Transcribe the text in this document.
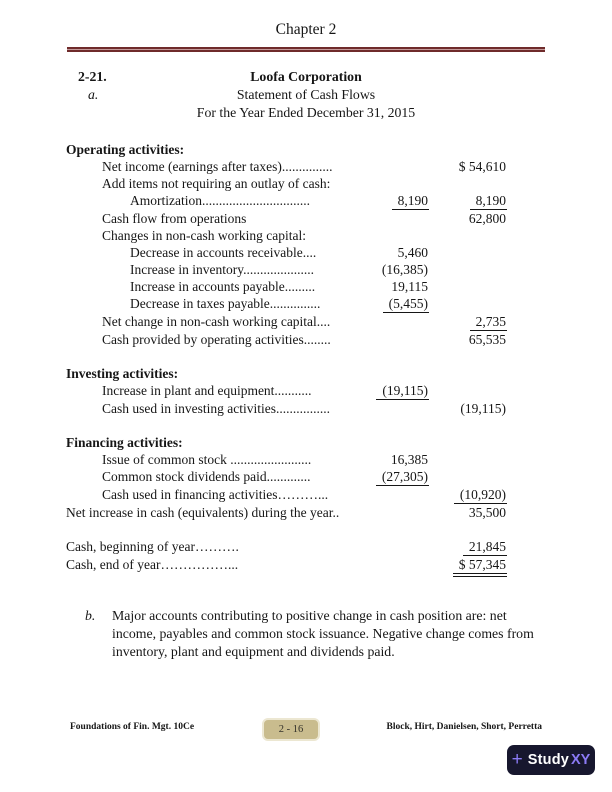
Chapter 2
2-21.	Loofa Corporation
a.	Statement of Cash Flows
For the Year Ended December 31, 2015
Operating activities:
Net income (earnings after taxes)...............	$ 54,610
Add items not requiring an outlay of cash:
Amortization................................	8,190	8,190
Cash flow from operations	62,800
Changes in non-cash working capital:
Decrease in accounts receivable....	5,460
Increase in inventory.....................	(16,385)
Increase in accounts payable.........	19,115
Decrease in taxes payable...............	(5,455)
Net change in non-cash working capital....	2,735
Cash provided by operating activities........	65,535
Investing activities:
Increase in plant and equipment...........	(19,115)
Cash used in investing activities................	(19,115)
Financing activities:
Issue of common stock ........................	16,385
Common stock dividends paid.............	(27,305)
Cash used in financing activities………...	(10,920)
Net increase in cash (equivalents) during the year..	35,500
Cash, beginning of year……….	21,845
Cash, end of year……………...	$ 57,345
b. Major accounts contributing to positive change in cash position are: net income, payables and common stock issuance. Negative change comes from inventory, plant and equipment and dividends paid.
Foundations of Fin. Mgt. 10Ce	2 - 16	Block, Hirt, Danielsen, Short, Perretta
+ Study XY
